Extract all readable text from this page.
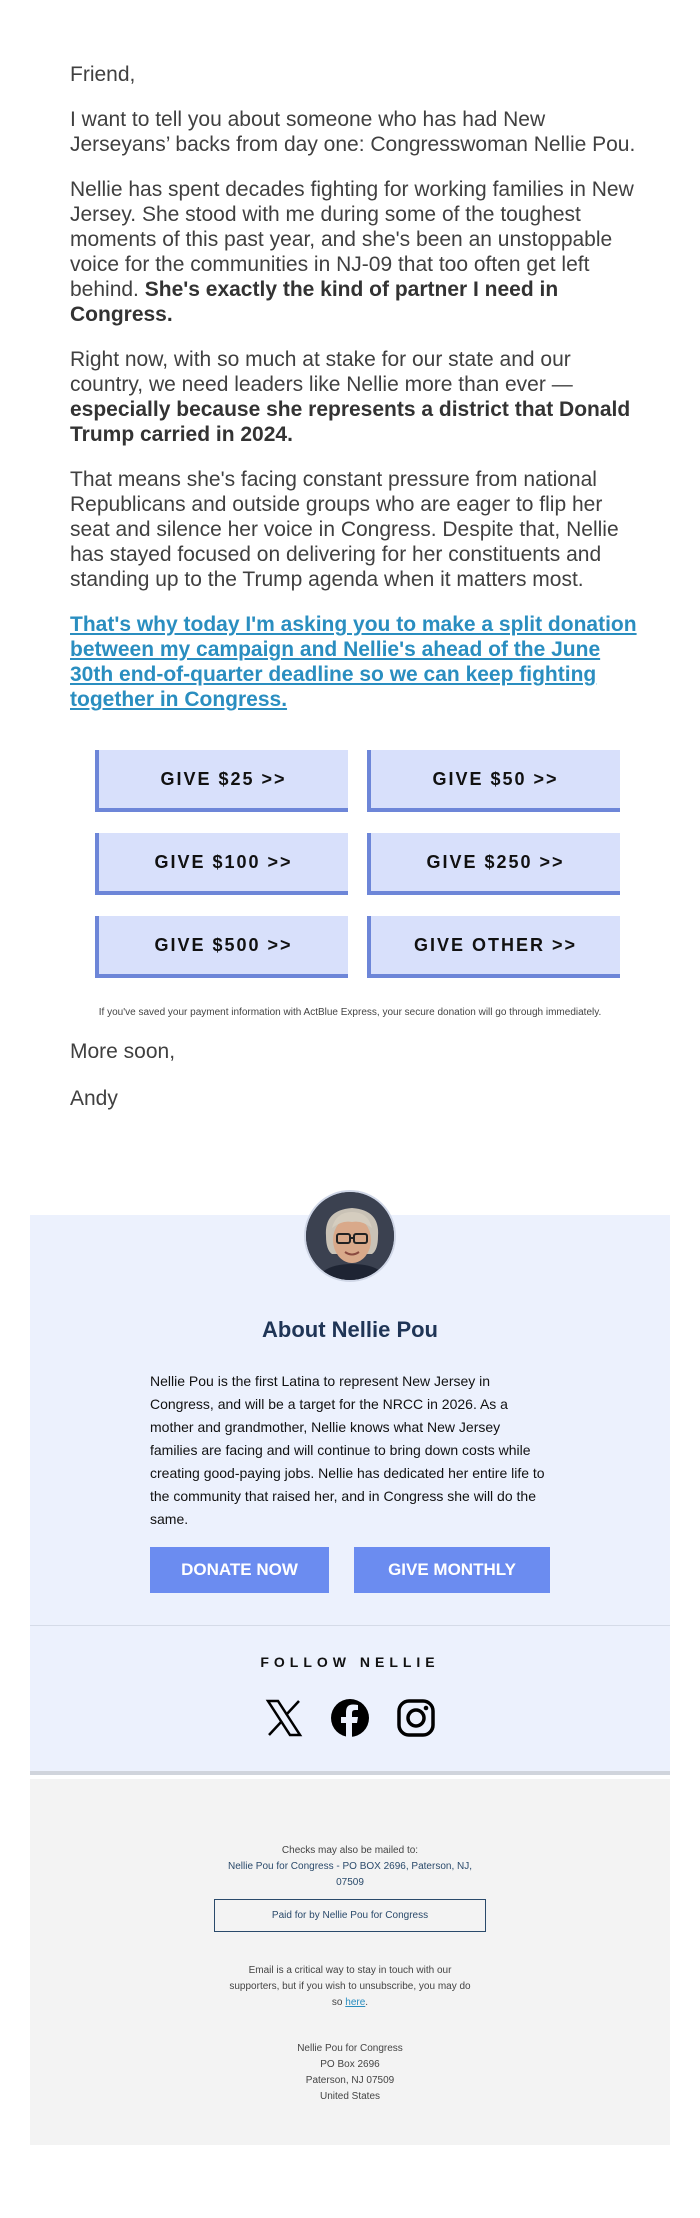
Friend,

I want to tell you about someone who has had New Jerseyans’ backs from day one: Congresswoman Nellie Pou.

Nellie has spent decades fighting for working families in New Jersey. She stood with me during some of the toughest moments of this past year, and she's been an unstoppable voice for the communities in NJ-09 that too often get left behind. She's exactly the kind of partner I need in Congress.

Right now, with so much at stake for our state and our country, we need leaders like Nellie more than ever — especially because she represents a district that Donald Trump carried in 2024.

That means she's facing constant pressure from national Republicans and outside groups who are eager to flip her seat and silence her voice in Congress. Despite that, Nellie has stayed focused on delivering for her constituents and standing up to the Trump agenda when it matters most.

That's why today I'm asking you to make a split donation between my campaign and Nellie's ahead of the June 30th end-of-quarter deadline so we can keep fighting together in Congress.
GIVE $25 >>	GIVE $50 >>
GIVE $100 >>	GIVE $250 >>
GIVE $500 >>	GIVE OTHER >>

If you've saved your payment information with ActBlue Express, your secure donation will go through immediately.

More soon,

Andy

About Nellie Pou

Nellie Pou is the first Latina to represent New Jersey in Congress, and will be a target for the NRCC in 2026. As a mother and grandmother, Nellie knows what New Jersey families are facing and will continue to bring down costs while creating good-paying jobs. Nellie has dedicated her entire life to the community that raised her, and in Congress she will do the same.

DONATE NOW	GIVE MONTHLY
FOLLOW NELLIE
Checks may also be mailed to:
Nellie Pou for Congress - PO BOX 2696, Paterson, NJ,
07509
Paid for by Nellie Pou for Congress
Email is a critical way to stay in touch with our
supporters, but if you wish to unsubscribe, you may do
so here.
Nellie Pou for Congress
PO Box 2696
Paterson, NJ 07509
United States
